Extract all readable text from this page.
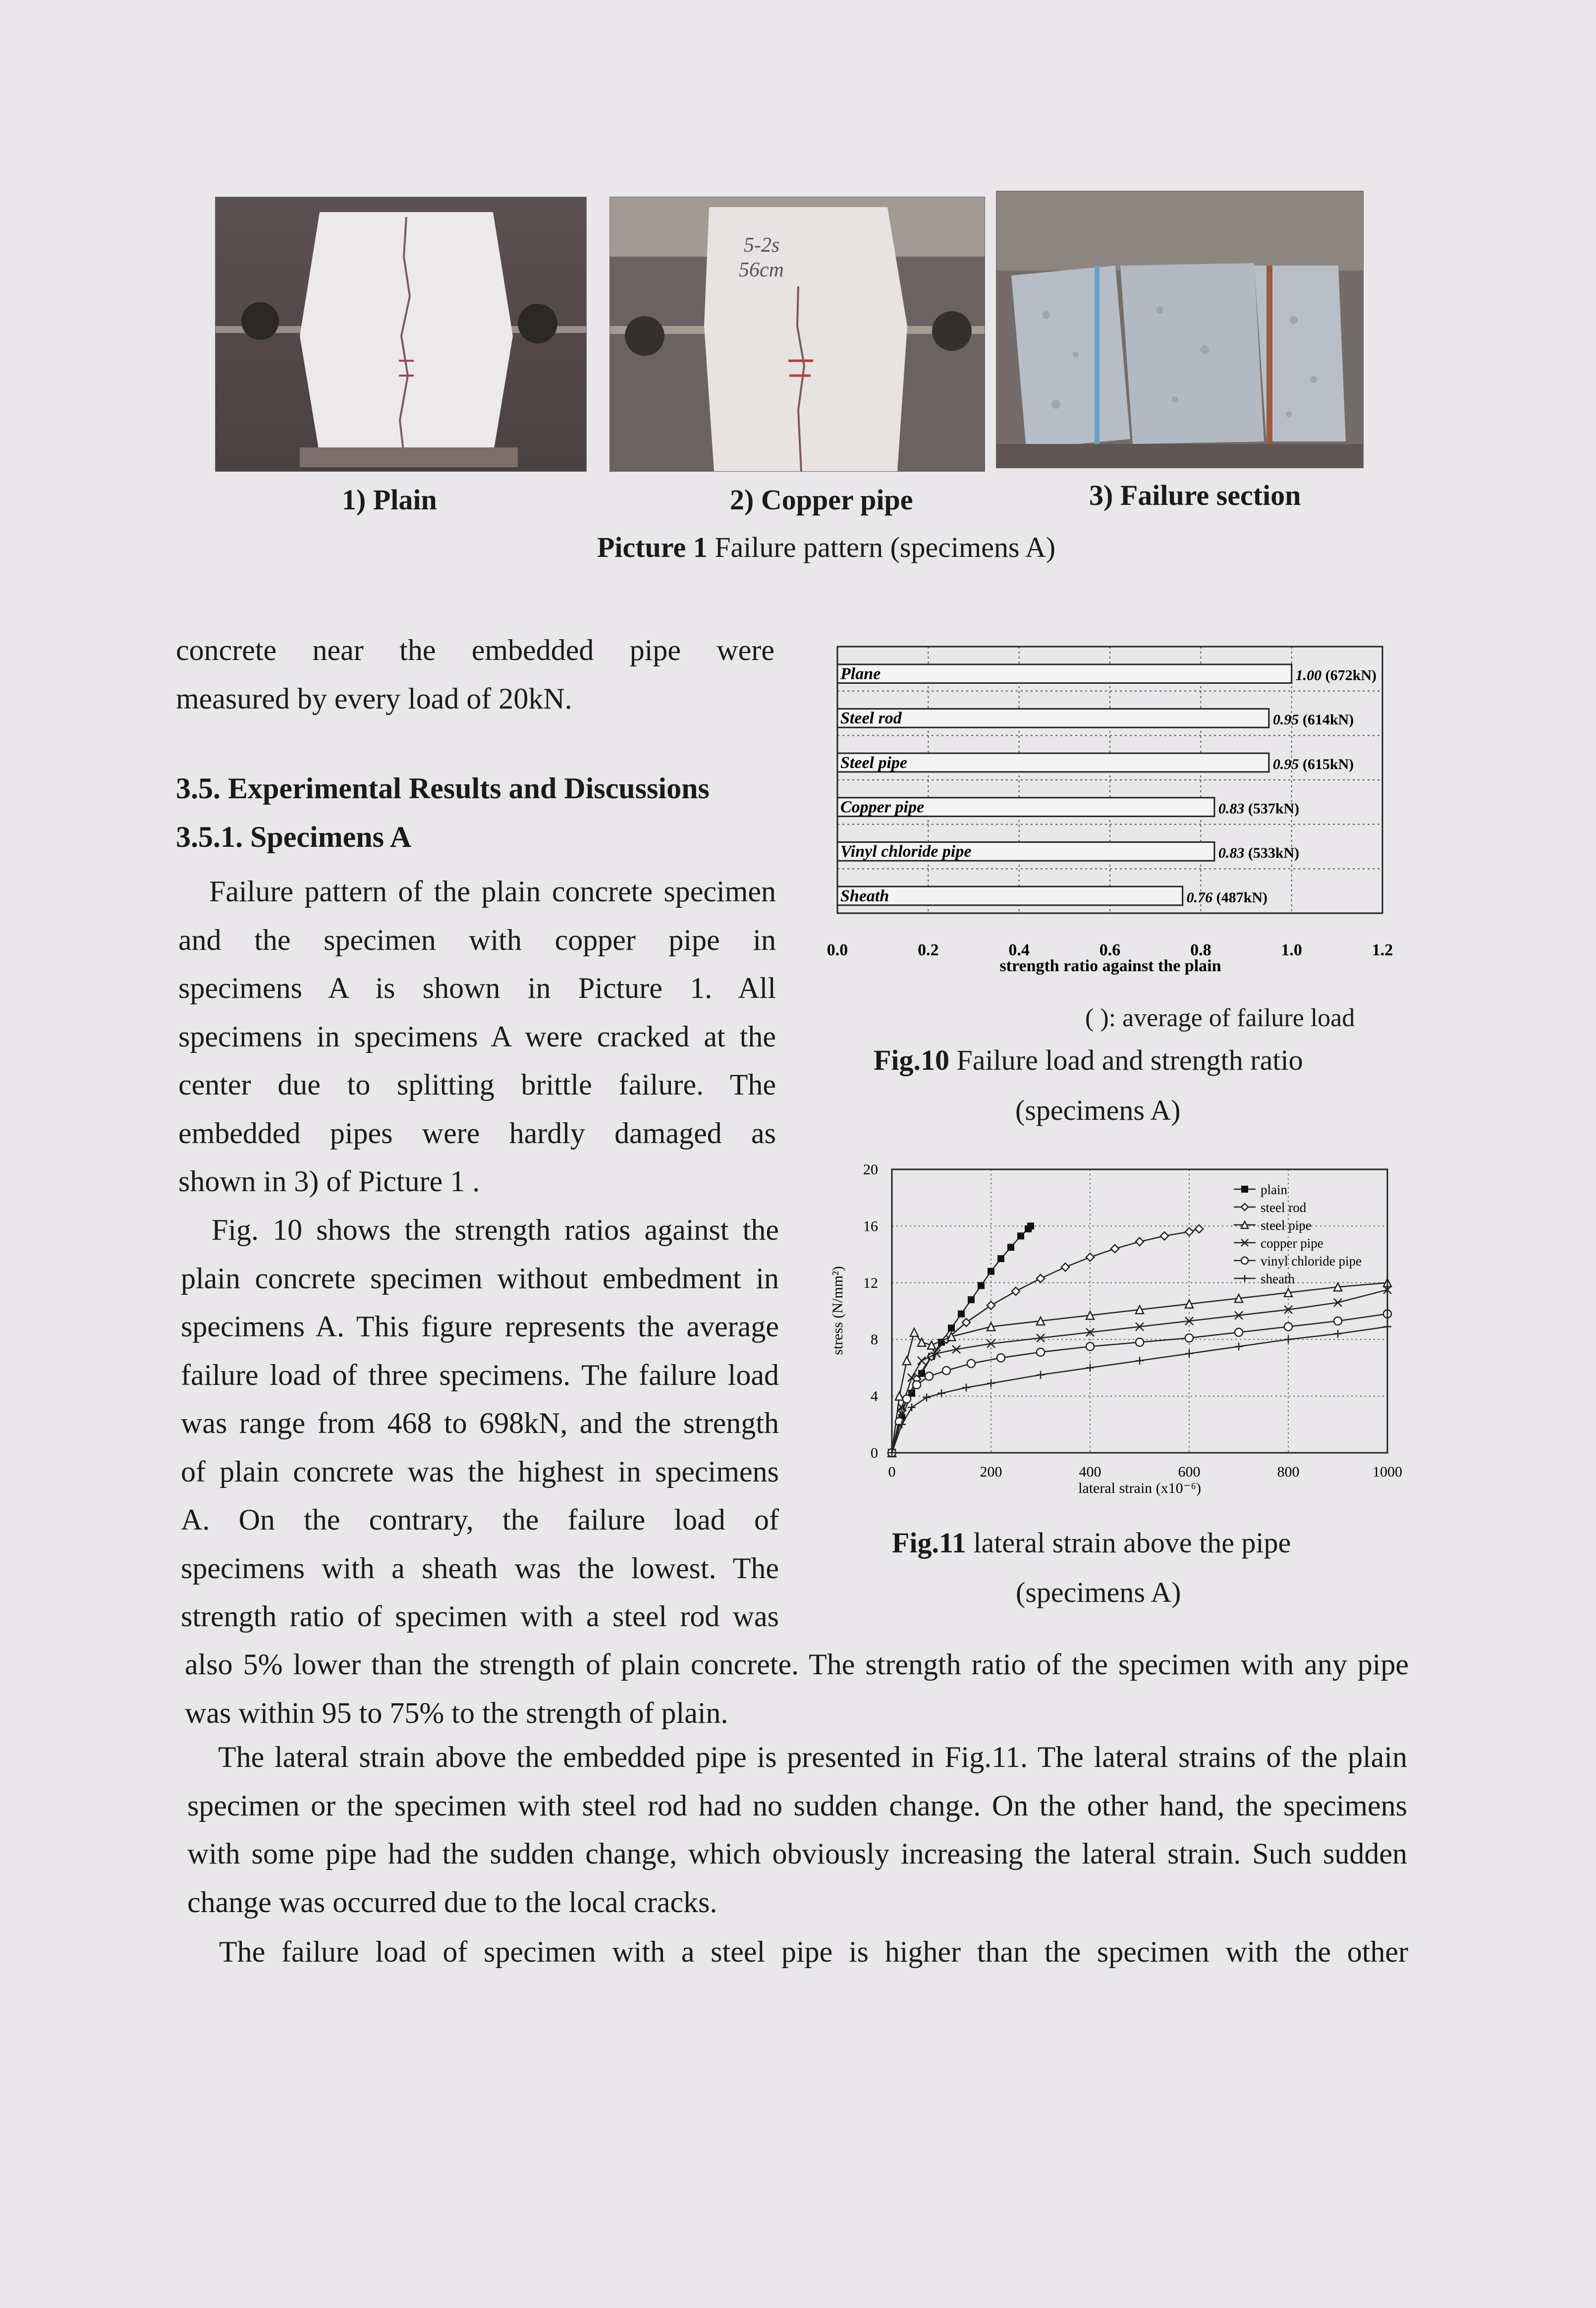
5-2s
56cm
1) Plain	2) Copper pipe	3) Failure section
Picture 1 Failure pattern (specimens A)

concrete near the embedded pipe were

measured by every load of 20kN.

3.5. Experimental Results and Discussions
3.5.1. Specimens A

Failure pattern of the plain concrete specimen

and the specimen with copper pipe in

specimens A is shown in Picture 1. All

specimens in specimens A were cracked at the

center due to splitting brittle failure. The

embedded pipes were hardly damaged as

shown in 3) of Picture 1 .

Fig. 10 shows the strength ratios against the

plain concrete specimen without embedment in

specimens A. This figure represents the average

failure load of three specimens. The failure load

was range from 468 to 698kN, and the strength

of plain concrete was the highest in specimens

A. On the contrary, the failure load of

specimens with a sheath was the lowest. The

strength ratio of specimen with a steel rod was

also 5% lower than the strength of plain concrete. The strength ratio of the specimen with any pipe

was within 95 to 75% to the strength of plain.

The lateral strain above the embedded pipe is presented in Fig.11. The lateral strains of the plain

specimen or the specimen with steel rod had no sudden change. On the other hand, the specimens

with some pipe had the sudden change, which obviously increasing the lateral strain. Such sudden

change was occurred due to the local cracks.

The failure load of specimen with a steel pipe is higher than the specimen with the other

Plane	1.00 (672kN)
Steel rod	0.95 (614kN)
Steel pipe	0.95 (615kN)
Copper pipe	0.83 (537kN)
Vinyl chloride pipe	0.83 (533kN)
Sheath	0.76 (487kN)
0.0	0.2	0.4	0.6	0.8	1.0	1.2
strength ratio against the plain
( ): average of failure load
Fig.10 Failure load and strength ratio
(specimens A)
0	200	400	600	800	1000
0
4
8
12
16
20
plain
steel rod
steel pipe
copper pipe
vinyl chloride pipe
sheath
lateral strain (x10⁻⁶)
stress (N/mm²)
Fig.11 lateral strain above the pipe
(specimens A)
